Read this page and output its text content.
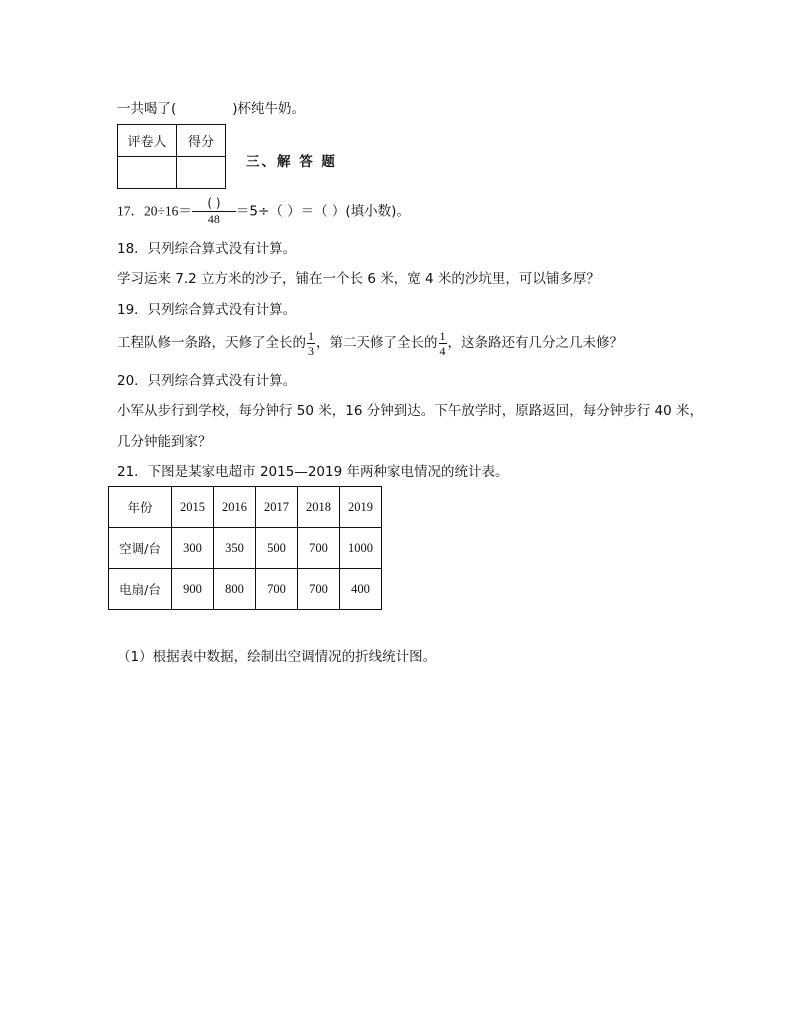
一共喝了(	)杯纯牛奶。
评卷人	得分

三、解 答 题
17．20÷16＝
( )
48	＝5÷（ ）＝（ ）(填小数)。
18．只列综合算式没有计算。
学习运来 7.2 立方米的沙子，铺在一个长 6 米，宽 4 米的沙坑里，可以铺多厚？
19．只列综合算式没有计算。
工程队修一条路，天修了全长的 $\frac{1}{3}$ ，第二天修了全长的 $\frac{1}{4}$ ，这条路还有几分之几未修？
20．只列综合算式没有计算。
小军从步行到学校，每分钟行 50 米，16 分钟到达。下午放学时，原路返回，每分钟步行 40 米，
几分钟能到家？
21．下图是某家电超市 2015—2019 年两种家电情况的统计表。
年份	2015	2016	2017	2018	2019
空调/台	300	350	500	700	1000
电扇/台	900	800	700	700	400
（1）根据表中数据，绘制出空调情况的折线统计图。
